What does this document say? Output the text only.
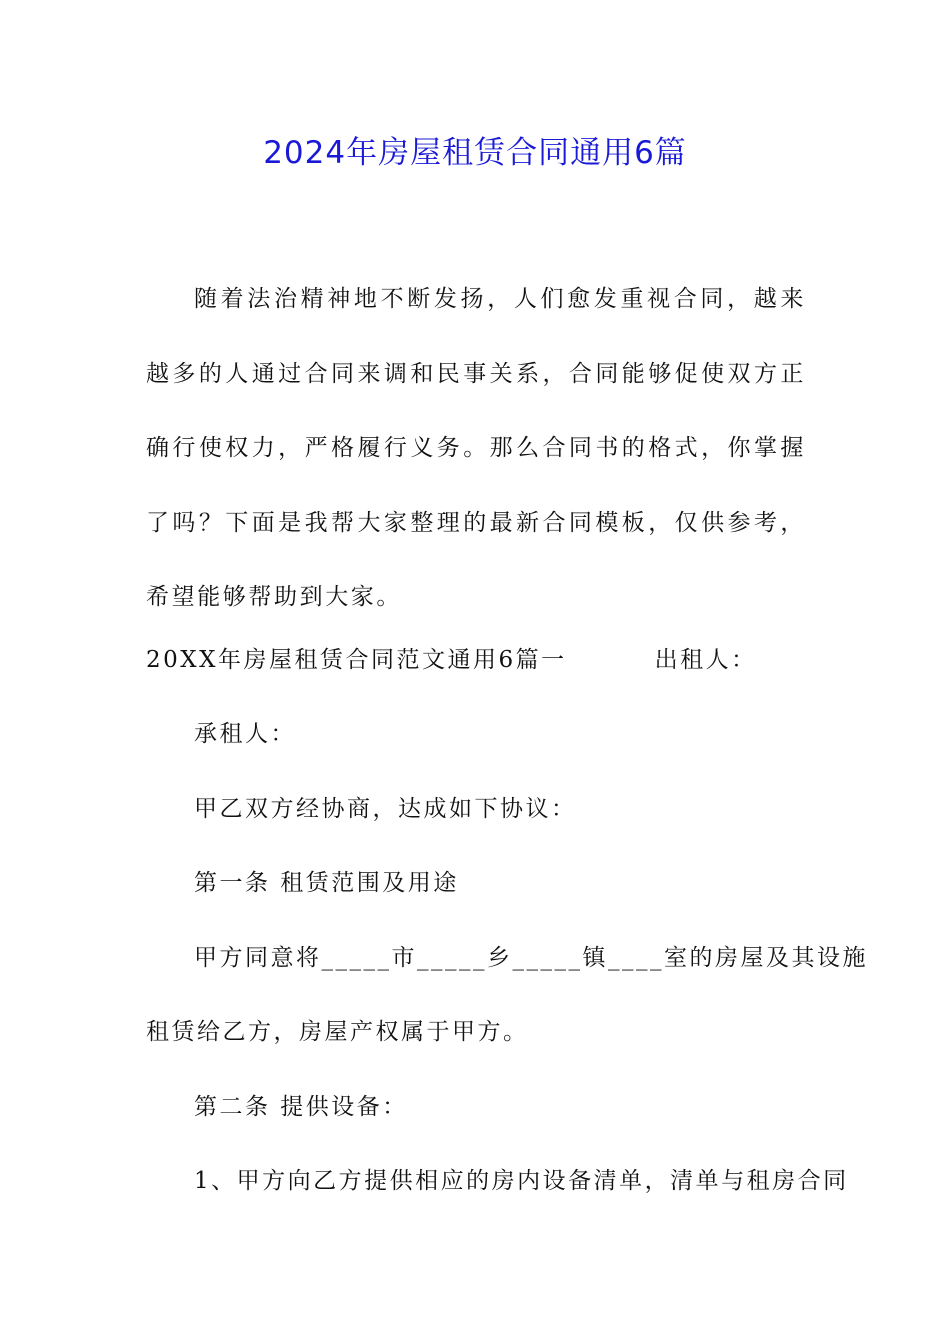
2024年房屋租赁合同通用6篇

随着法治精神地不断发扬，人们愈发重视合同，越来越多的人通过合同来调和民事关系，合同能够促使双方正确行使权力，严格履行义务。那么合同书的格式，你掌握了吗？下面是我帮大家整理的最新合同模板，仅供参考，希望能够帮助到大家。

20XX年房屋租赁合同范文通用6篇一	出租人：
承租人：
甲乙双方经协商，达成如下协议：
第一条 租赁范围及用途
甲方同意将_____市_____乡_____镇____室的房屋及其设施
租赁给乙方，房屋产权属于甲方。
第二条 提供设备：
1、甲方向乙方提供相应的房内设备清单，清单与租房合同
